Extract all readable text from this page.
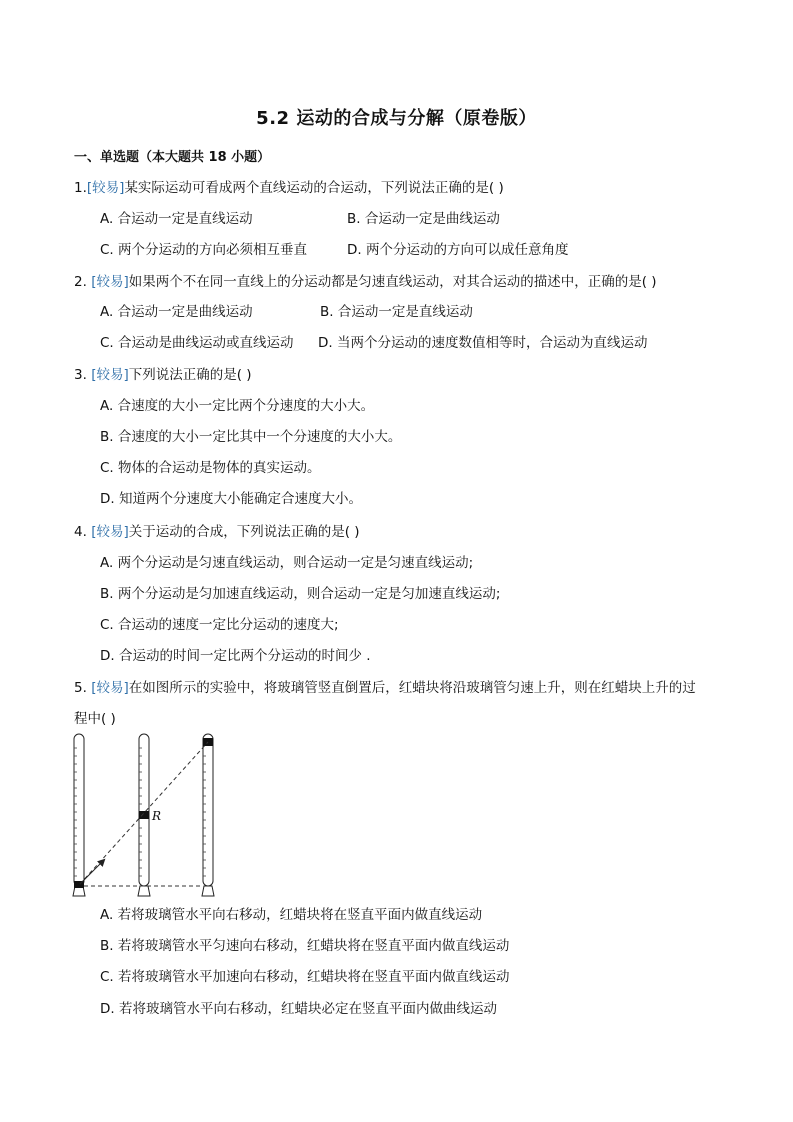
5.2 运动的合成与分解（原卷版）
一、单选题（本大题共 18 小题）
1.[较易]某实际运动可看成两个直线运动的合运动，下列说法正确的是( )
A. 合运动一定是直线运动	B. 合运动一定是曲线运动
C. 两个分运动的方向必须相互垂直	D. 两个分运动的方向可以成任意角度
2. [较易]如果两个不在同一直线上的分运动都是匀速直线运动，对其合运动的描述中，正确的是( )
A. 合运动一定是曲线运动	B. 合运动一定是直线运动
C. 合运动是曲线运动或直线运动 D. 当两个分运动的速度数值相等时，合运动为直线运动
3. [较易]下列说法正确的是( )
A. 合速度的大小一定比两个分速度的大小大。
B. 合速度的大小一定比其中一个分速度的大小大。
C. 物体的合运动是物体的真实运动。
D. 知道两个分速度大小能确定合速度大小。
4. [较易]关于运动的合成，下列说法正确的是( )
A. 两个分运动是匀速直线运动，则合运动一定是匀速直线运动;
B. 两个分运动是匀加速直线运动，则合运动一定是匀加速直线运动;
C. 合运动的速度一定比分运动的速度大;
D. 合运动的时间一定比两个分运动的时间少 .
5. [较易]在如图所示的实验中，将玻璃管竖直倒置后，红蜡块将沿玻璃管匀速上升，则在红蜡块上升的过
程中( )
R
A. 若将玻璃管水平向右移动，红蜡块将在竖直平面内做直线运动
B. 若将玻璃管水平匀速向右移动，红蜡块将在竖直平面内做直线运动
C. 若将玻璃管水平加速向右移动，红蜡块将在竖直平面内做直线运动
D. 若将玻璃管水平向右移动，红蜡块必定在竖直平面内做曲线运动
